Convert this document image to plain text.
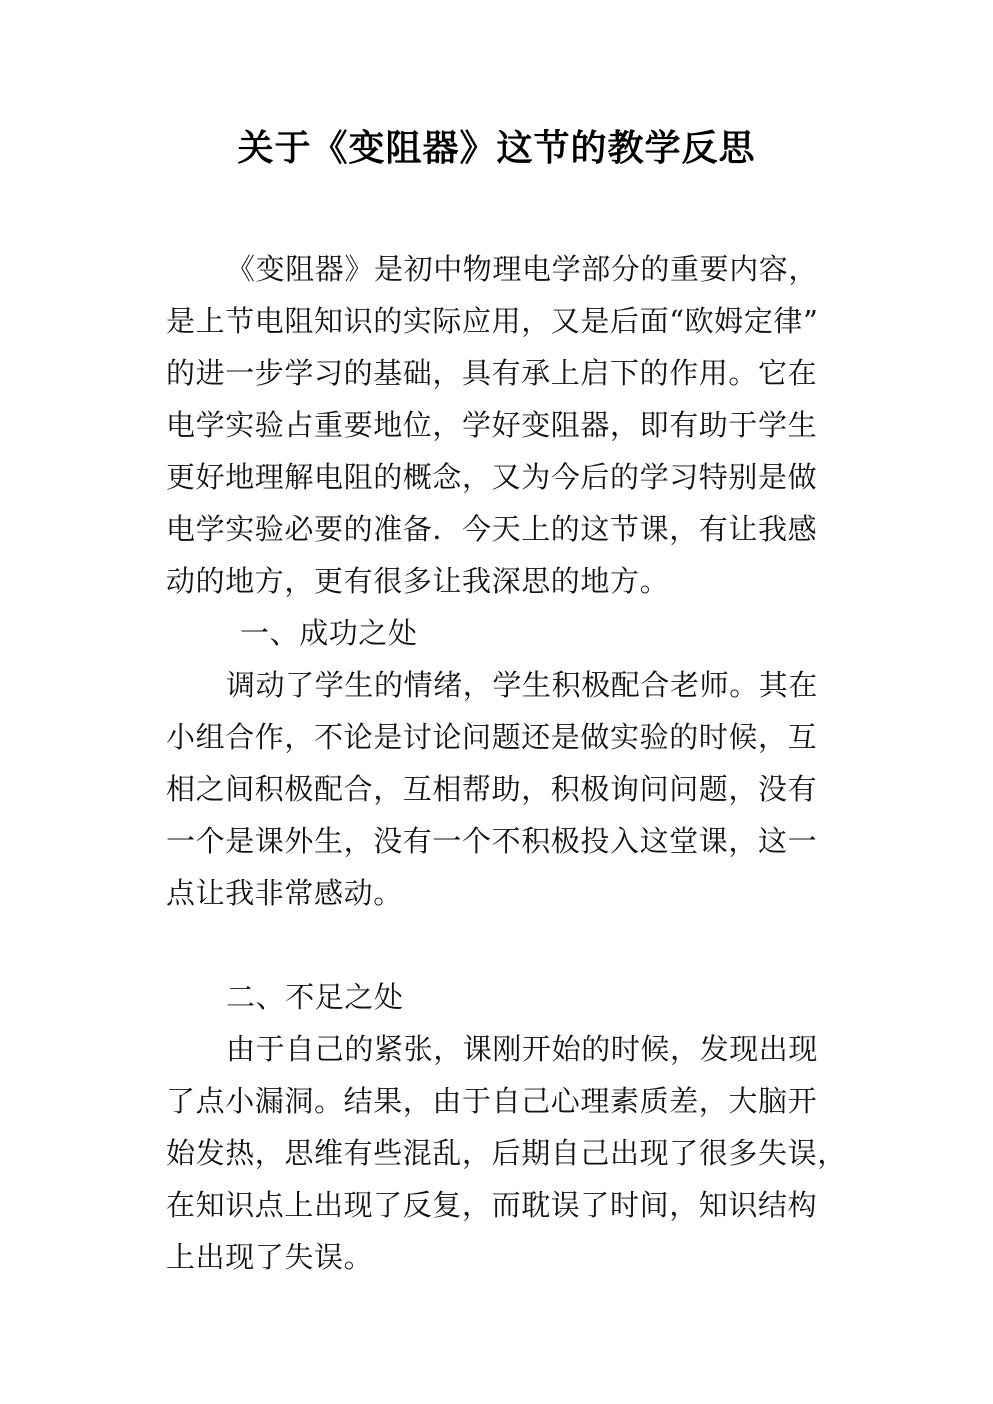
关于《变阻器》这节的教学反思
《变阻器》是初中物理电学部分的重要内容，
是上节电阻知识的实际应用，又是后面“欧姆定律”
的进一步学习的基础，具有承上启下的作用。它在
电学实验占重要地位，学好变阻器，即有助于学生
更好地理解电阻的概念，又为今后的学习特别是做
电学实验必要的准备．今天上的这节课，有让我感
动的地方，更有很多让我深思的地方。
一、成功之处
调动了学生的情绪，学生积极配合老师。其在
小组合作，不论是讨论问题还是做实验的时候，互
相之间积极配合，互相帮助，积极询问问题，没有
一个是课外生，没有一个不积极投入这堂课，这一
点让我非常感动。
二、不足之处
由于自己的紧张，课刚开始的时候，发现出现
了点小漏洞。结果，由于自己心理素质差，大脑开
始发热，思维有些混乱，后期自己出现了很多失误，
在知识点上出现了反复，而耽误了时间，知识结构
上出现了失误。
